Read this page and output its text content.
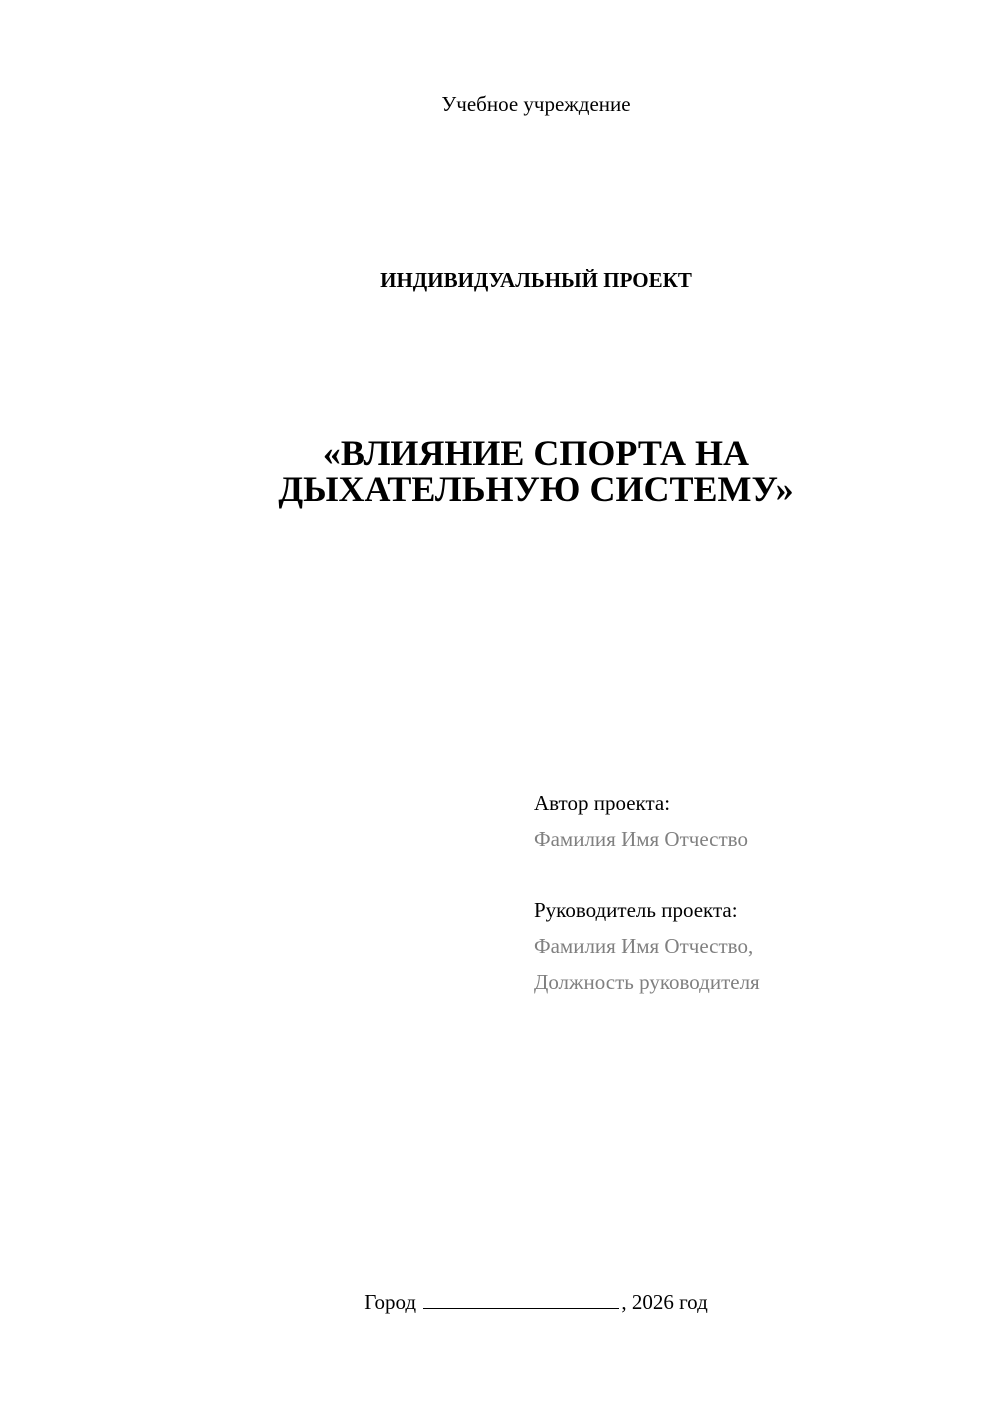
Учебное учреждение
ИНДИВИДУАЛЬНЫЙ ПРОЕКТ
«ВЛИЯНИЕ СПОРТА НА
ДЫХАТЕЛЬНУЮ СИСТЕМУ»
Автор проекта:
Фамилия Имя Отчество
Руководитель проекта:
Фамилия Имя Отчество,
Должность руководителя
Город	, 2026 год
